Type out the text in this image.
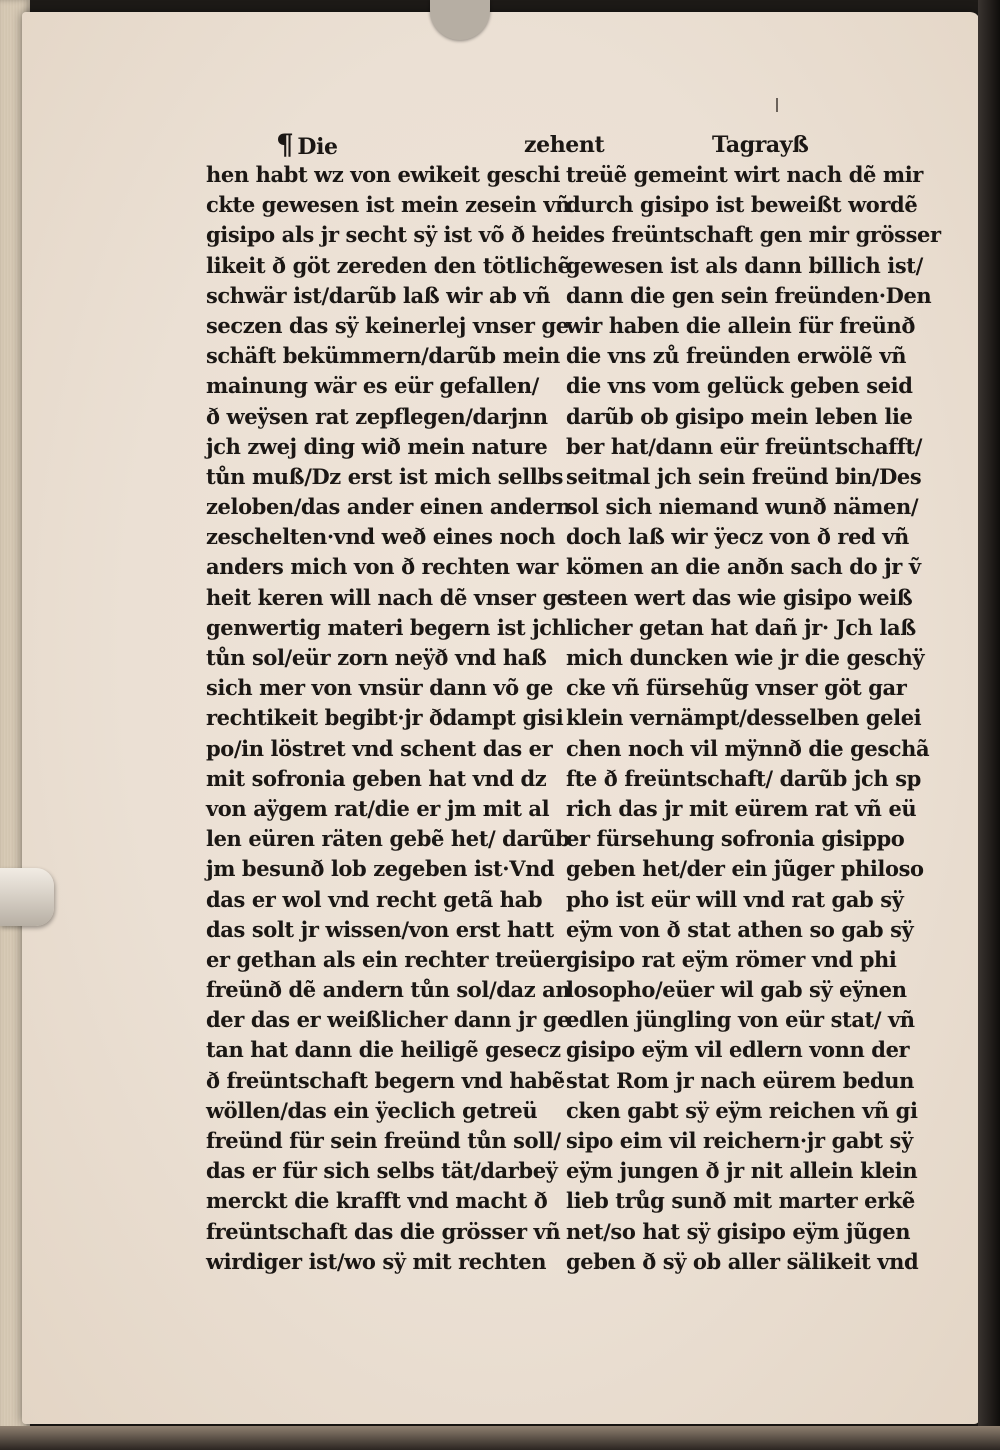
¶ Die	zehent	Tagrayß
hen habt wz von ewikeit geschi
ckte gewesen ist mein zesein vñ
gisipo als jr secht sÿ ist võ ð hei
likeit ð göt zereden den tötlichẽ
schwär ist/darũb laß wir ab vñ
seczen das sÿ keinerlej vnser ge
schäft bekümmern/darũb mein
mainung wär es eür gefallen/
ð weÿsen rat zepflegen/darjnn
jch zwej ding wið mein nature
tůn muß/Dz erst ist mich sellbs
zeloben/das ander einen andern
zeschelten·vnd weð eines noch
anders mich von ð rechten war
heit keren will nach dẽ vnser ge
genwertig materi begern ist jch
tůn sol/eür zorn neÿð vnd haß
sich mer von vnsür dann võ ge
rechtikeit begibt·jr ðdampt gisi
po/in löstret vnd schent das er
mit sofronia geben hat vnd dz
von aÿgem rat/die er jm mit al
len eüren räten gebẽ het/ darũb
jm besunð lob zegeben ist·Vnd
das er wol vnd recht getã hab
das solt jr wissen/von erst hatt
er gethan als ein rechter treüer
freünð dẽ andern tůn sol/daz an
der das er weißlicher dann jr ge
tan hat dann die heiligẽ gesecz
ð freüntschaft begern vnd habẽ
wöllen/das ein ÿeclich getreü
freünd für sein freünd tůn soll/
das er für sich selbs tät/darbeÿ
merckt die krafft vnd macht ð
freüntschaft das die grösser vñ
wirdiger ist/wo sÿ mit rechten
treüẽ gemeint wirt nach dẽ mir
durch gisipo ist beweißt wordẽ
des freüntschaft gen mir grösser
gewesen ist als dann billich ist/
dann die gen sein freünden·Den
wir haben die allein für freünð
die vns zů freünden erwölẽ vñ
die vns vom gelück geben seid
darũb ob gisipo mein leben lie
ber hat/dann eür freüntschafft/
seitmal jch sein freünd bin/Des
sol sich niemand wunð nämen/
doch laß wir ÿecz von ð red vñ
kömen an die anðn sach do jr ṽ
steen wert das wie gisipo weiß
licher getan hat dañ jr· Jch laß
mich duncken wie jr die geschÿ
cke vñ fürsehũg vnser göt gar
klein vernämpt/desselben gelei
chen noch vil mÿnnð die geschã
fte ð freüntschaft/ darũb jch sp
rich das jr mit eürem rat vñ eü
er fürsehung sofronia gisippo
geben het/der ein jũger philoso
pho ist eür will vnd rat gab sÿ
eÿm von ð stat athen so gab sÿ
gisipo rat eÿm römer vnd phi
losopho/eüer wil gab sÿ eÿnen
edlen jüngling von eür stat/ vñ
gisipo eÿm vil edlern vonn der
stat Rom jr nach eürem bedun
cken gabt sÿ eÿm reichen vñ gi
sipo eim vil reichern·jr gabt sÿ
eÿm jungen ð jr nit allein klein
lieb trůg sunð mit marter erkẽ
net/so hat sÿ gisipo eÿm jũgen
geben ð sÿ ob aller sälikeit vnd
